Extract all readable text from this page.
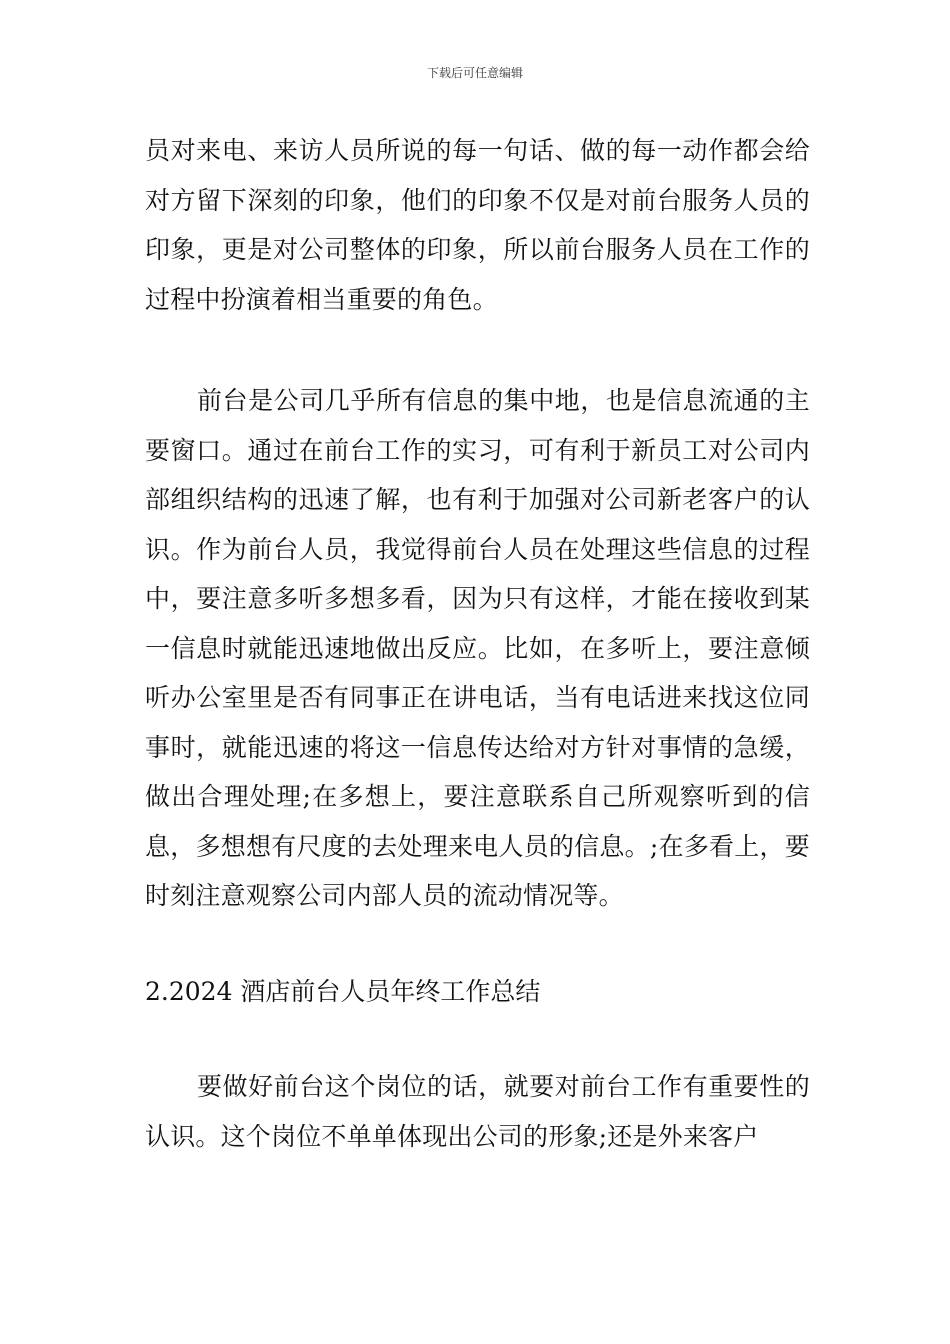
下载后可任意编辑

员对来电、来访人员所说的每一句话、做的每一动作都会给对方留下深刻的印象，他们的印象不仅是对前台服务人员的印象，更是对公司整体的印象，所以前台服务人员在工作的过程中扮演着相当重要的角色。

前台是公司几乎所有信息的集中地，也是信息流通的主要窗口。通过在前台工作的实习，可有利于新员工对公司内部组织结构的迅速了解，也有利于加强对公司新老客户的认识。作为前台人员，我觉得前台人员在处理这些信息的过程中，要注意多听多想多看，因为只有这样，才能在接收到某一信息时就能迅速地做出反应。比如，在多听上，要注意倾听办公室里是否有同事正在讲电话，当有电话进来找这位同事时，就能迅速的将这一信息传达给对方针对事情的急缓，做出合理处理;在多想上，要注意联系自己所观察听到的信息，多想想有尺度的去处理来电人员的信息。;在多看上，要时刻注意观察公司内部人员的流动情况等。

2.2024 酒店前台人员年终工作总结

要做好前台这个岗位的话，就要对前台工作有重要性的认识。这个岗位不单单体现出公司的形象;还是外来客户
